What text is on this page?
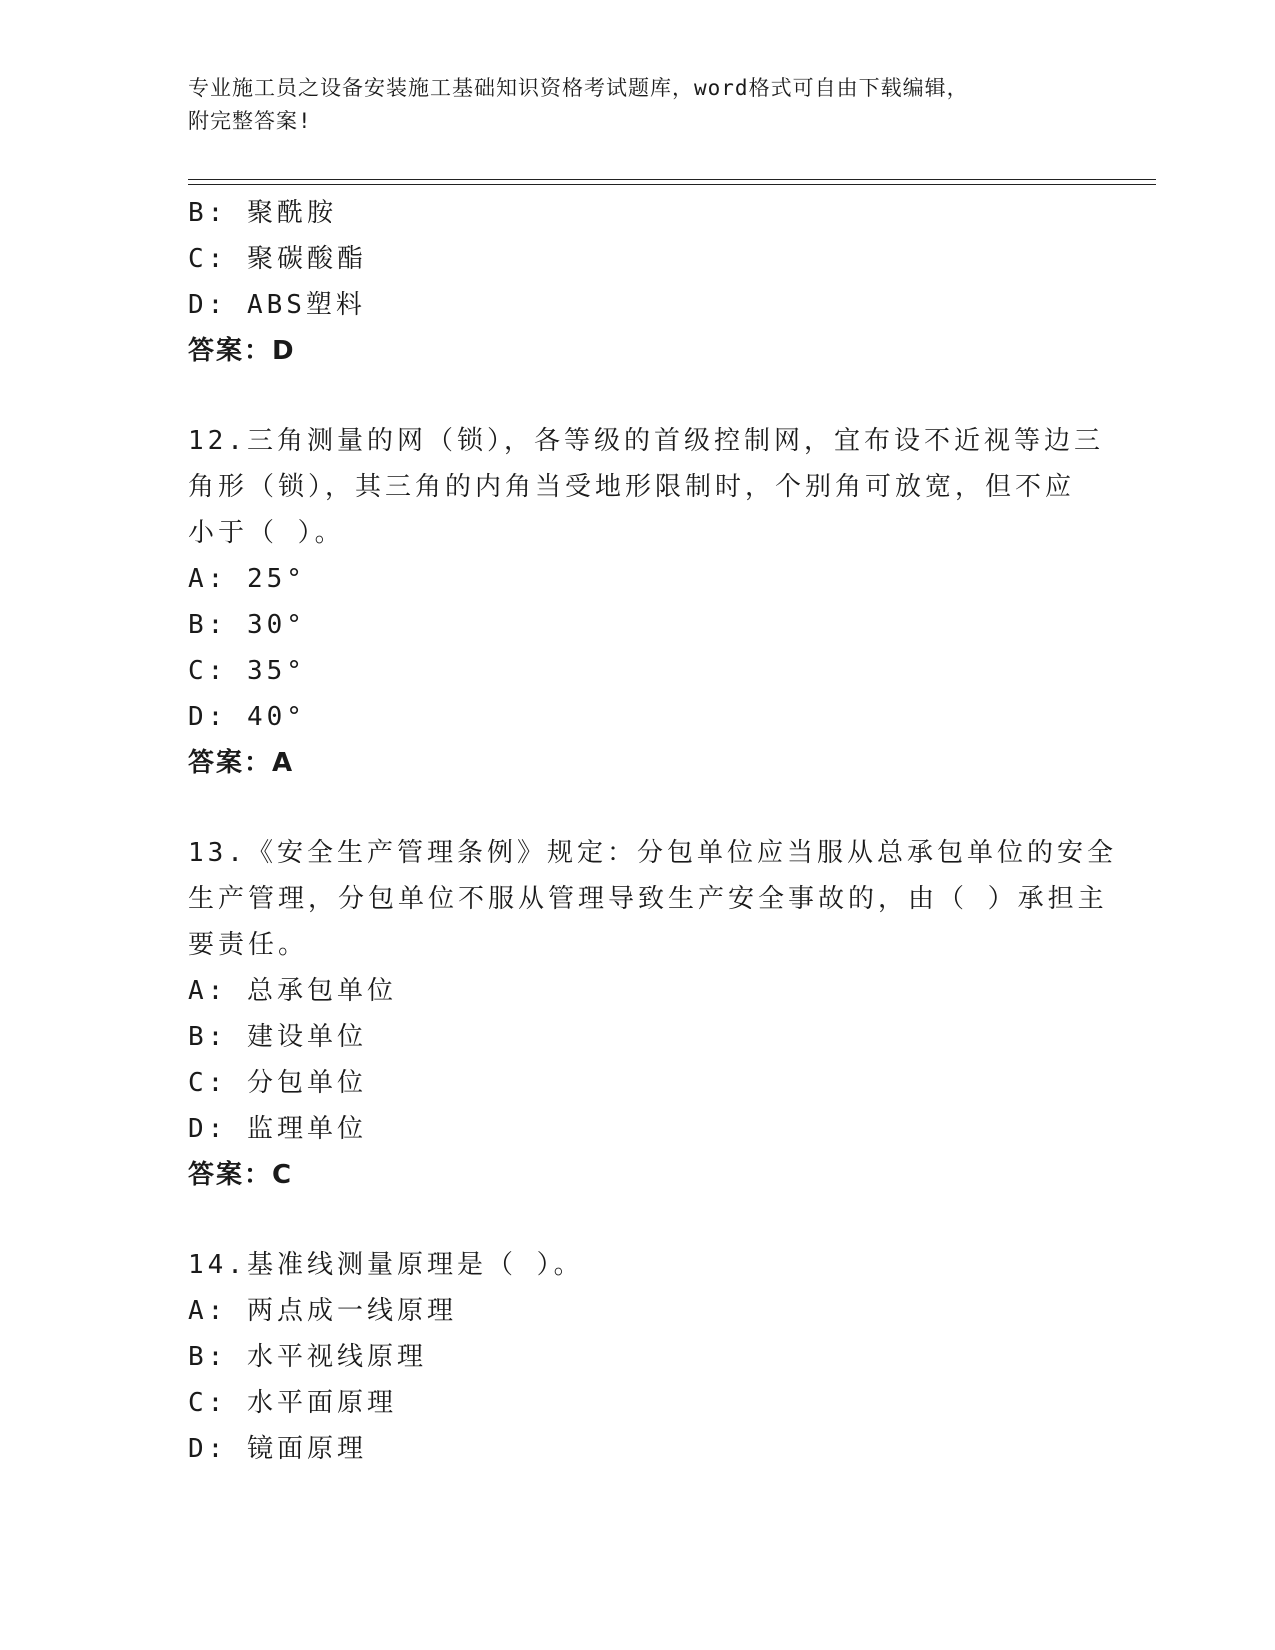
专业施工员之设备安装施工基础知识资格考试题库，word格式可自由下载编辑，
附完整答案!
B: 聚酰胺
C: 聚碳酸酯
D: ABS塑料
答案：D
12.三角测量的网（锁），各等级的首级控制网，宜布设不近视等边三
角形（锁），其三角的内角当受地形限制时，个别角可放宽，但不应
小于（ ）。
A: 25°
B: 30°
C: 35°
D: 40°
答案：A
13.《安全生产管理条例》规定：分包单位应当服从总承包单位的安全
生产管理，分包单位不服从管理导致生产安全事故的，由（ ）承担主
要责任。
A: 总承包单位
B: 建设单位
C: 分包单位
D: 监理单位
答案：C
14.基准线测量原理是（ ）。
A: 两点成一线原理
B: 水平视线原理
C: 水平面原理
D: 镜面原理
